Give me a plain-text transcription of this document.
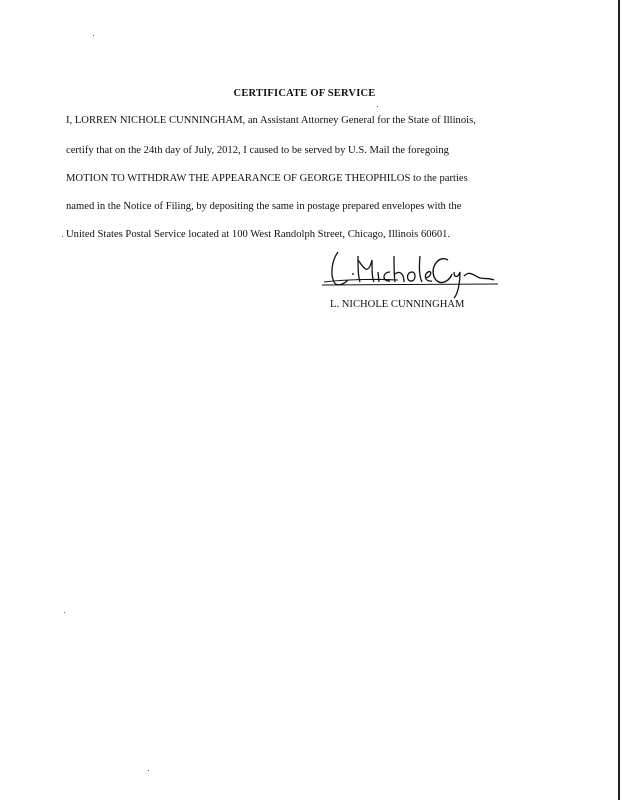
CERTIFICATE OF SERVICE
I, LORREN NICHOLE CUNNINGHAM, an Assistant Attorney General for the State of Illinois,
certify that on the 24th day of July, 2012, I caused to be served by U.S. Mail the foregoing
MOTION TO WITHDRAW THE APPEARANCE OF GEORGE THEOPHILOS to the parties
named in the Notice of Filing, by depositing the same in postage prepared envelopes with the
United States Postal Service located at 100 West Randolph Street, Chicago, Illinois 60601.
L. NICHOLE CUNNINGHAM
